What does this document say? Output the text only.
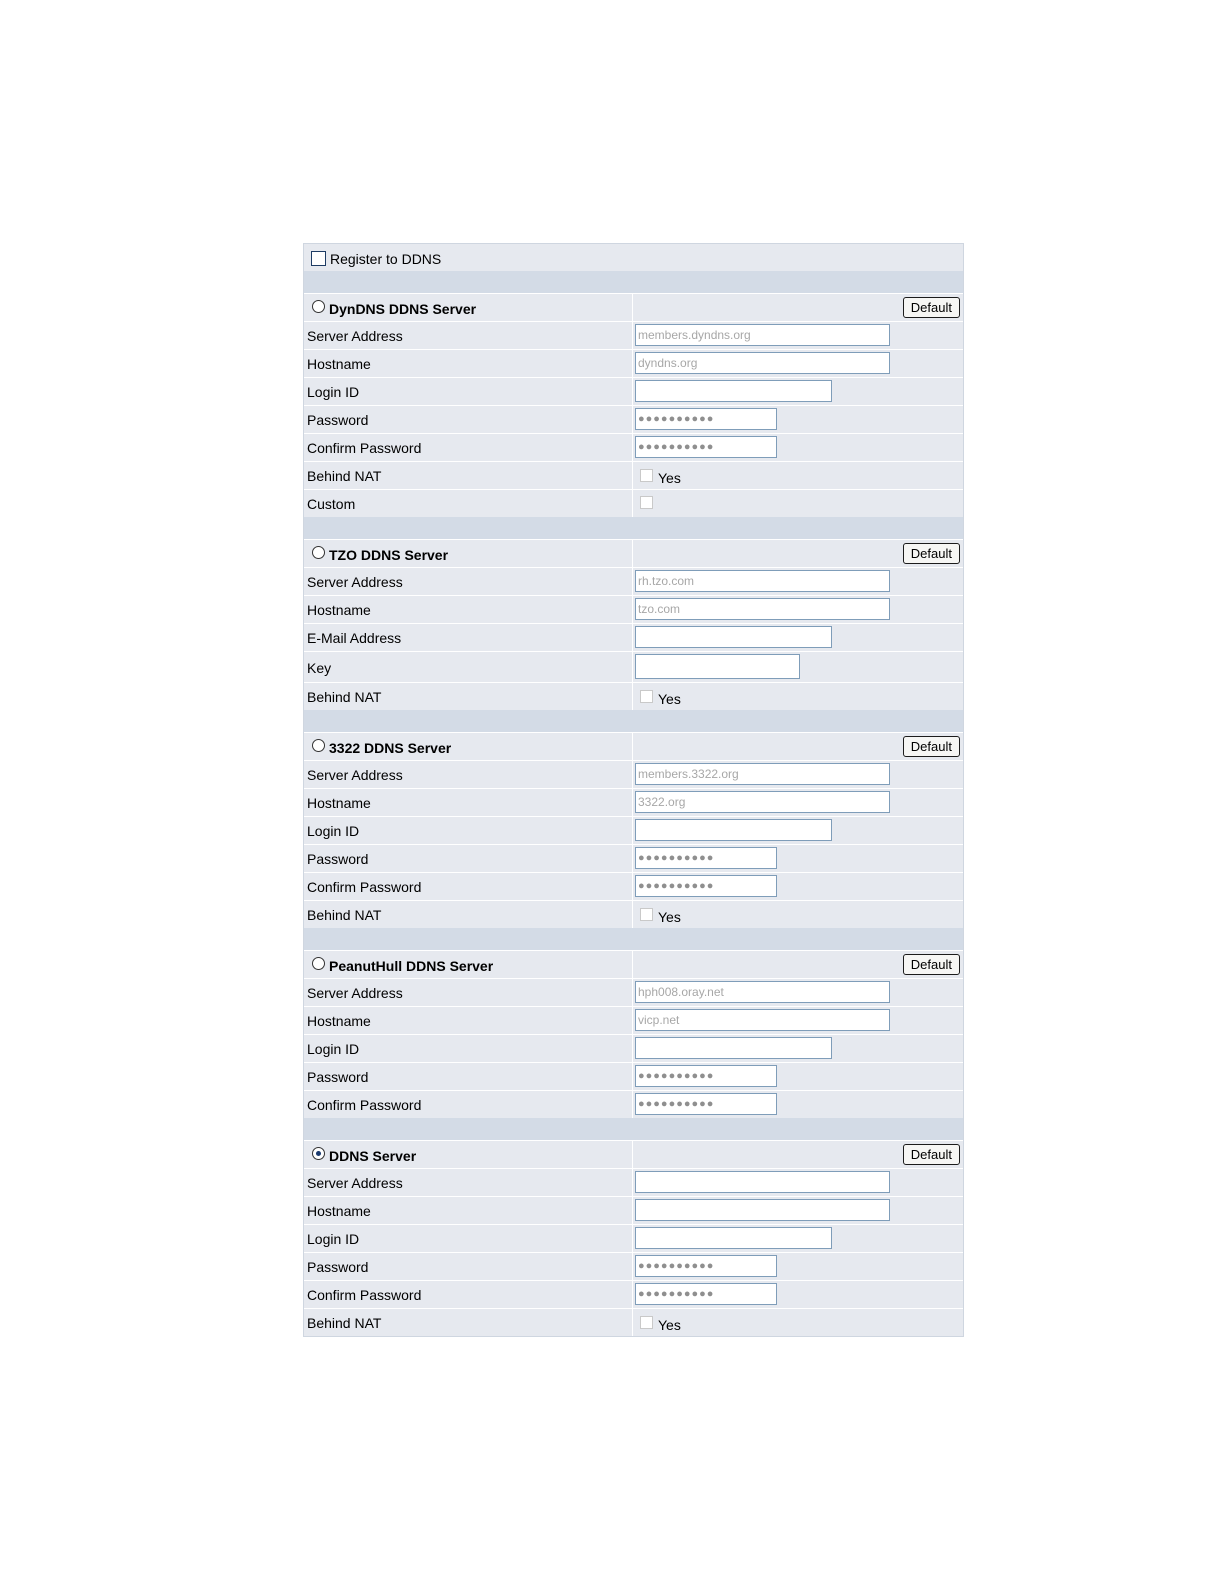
Register to DDNS
DynDNS DDNS Server	Default
Server Address	members.dyndns.org
Hostname	dyndns.org
Login ID
Password	●●●●●●●●●●
Confirm Password	●●●●●●●●●●
Behind NAT	Yes
Custom
TZO DDNS Server	Default
Server Address	rh.tzo.com
Hostname	tzo.com
E-Mail Address
Key
Behind NAT	Yes
3322 DDNS Server	Default
Server Address	members.3322.org
Hostname	3322.org
Login ID
Password	●●●●●●●●●●
Confirm Password	●●●●●●●●●●
Behind NAT	Yes
PeanutHull DDNS Server	Default
Server Address	hph008.oray.net
Hostname	vicp.net
Login ID
Password	●●●●●●●●●●
Confirm Password	●●●●●●●●●●
DDNS Server	Default
Server Address
Hostname
Login ID
Password	●●●●●●●●●●
Confirm Password	●●●●●●●●●●
Behind NAT	Yes
